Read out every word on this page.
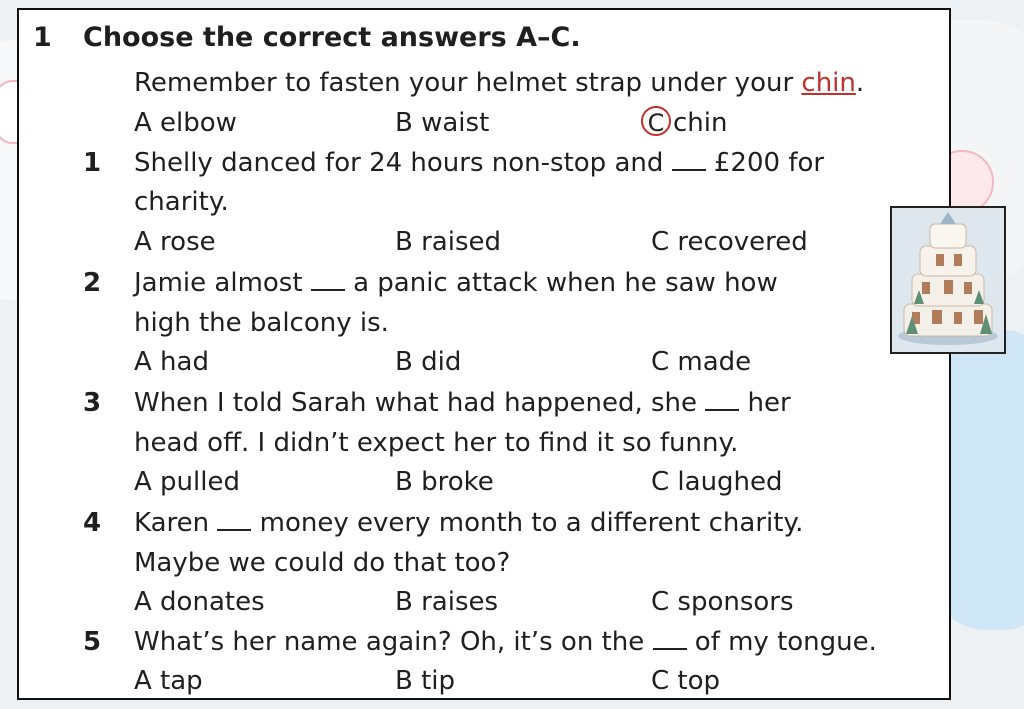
1 Choose the correct answers A–C.
Remember to fasten your helmet strap under your chin.
A elbow	B waist	C chin
1 Shelly danced for 24 hours non-stop and  £200 for
charity.
A rose	B raised	C recovered
2 Jamie almost  a panic attack when he saw how
high the balcony is.
A had	B did	C made
3 When I told Sarah what had happened, she  her
head off. I didn’t expect her to find it so funny.
A pulled	B broke	C laughed
4 Karen  money every month to a different charity.
Maybe we could do that too?
A donates	B raises	C sponsors
5 What’s her name again? Oh, it’s on the  of my tongue.
A tap	B tip	C top
